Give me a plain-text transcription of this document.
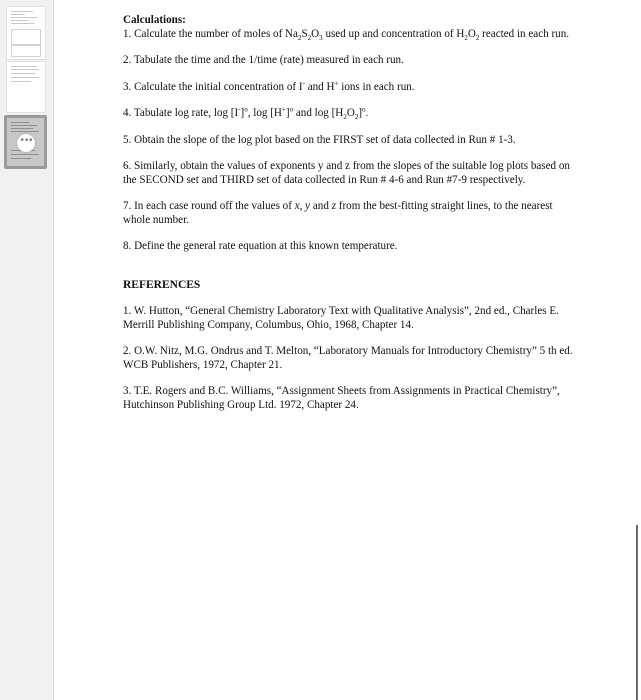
•••

Calculations:

1. Calculate the number of moles of $Na_2S_2O_3$ used up and concentration of $H_2O_2$ reacted in each run.

2. Tabulate the time and the 1/time (rate) measured in each run.

3. Calculate the initial concentration of I- and H+ ions in each run.

4. Tabulate log rate, $\log [I^-]^o$, $\log [H^+]^o$ and $\log [H_2O_2]^o$.

5. Obtain the slope of the log plot based on the FIRST set of data collected in Run # 1-3.

6. Similarly, obtain the values of exponents y and z from the slopes of the suitable log plots based on the SECOND set and THIRD set of data collected in Run # 4-6 and Run #7-9 respectively.

7. In each case round off the values of x, y and z from the best-fitting straight lines, to the nearest whole number.

8. Define the general rate equation at this known temperature.

REFERENCES

1. W. Hutton, “General Chemistry Laboratory Text with Qualitative Analysis”, 2nd ed., Charles E. Merrill Publishing Company, Columbus, Ohio, 1968, Chapter 14.

2. O.W. Nitz, M.G. Ondrus and T. Melton, “Laboratory Manuals for Introductory Chemistry” 5 th ed. WCB Publishers, 1972, Chapter 21.

3. T.E. Rogers and B.C. Williams, “Assignment Sheets from Assignments in Practical Chemistry”, Hutchinson Publishing Group Ltd. 1972, Chapter 24.
